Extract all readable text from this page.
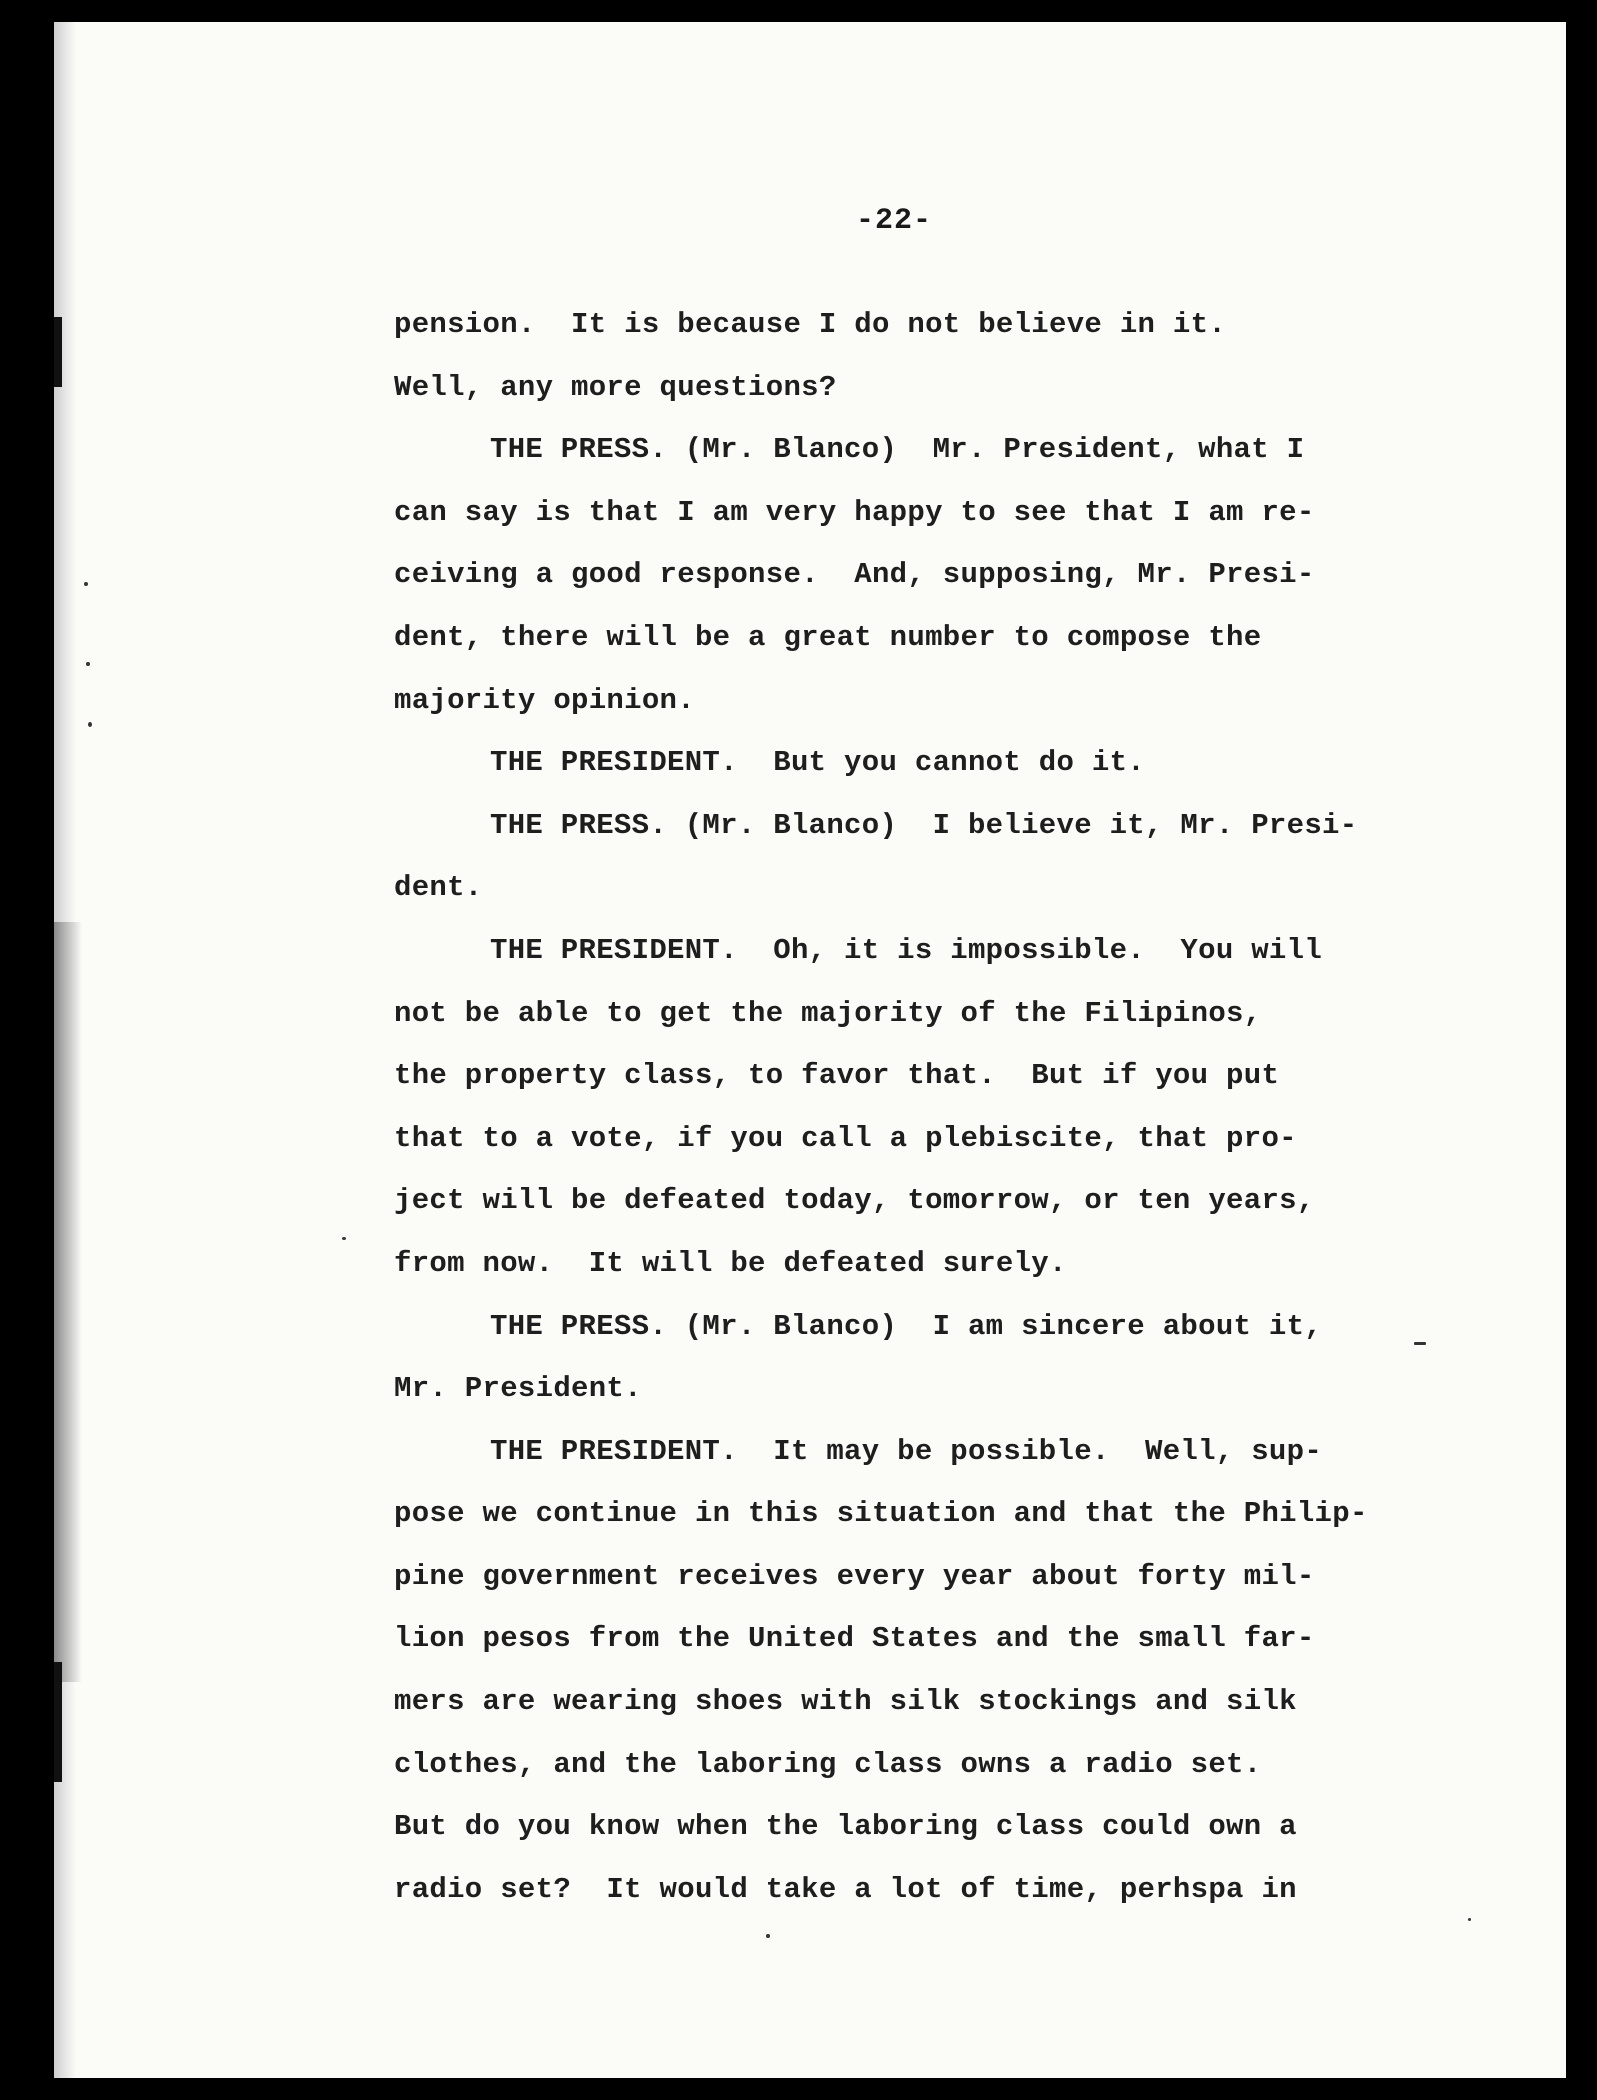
-22-
pension.  It is because I do not believe in it.
Well, any more questions?
THE PRESS. (Mr. Blanco)  Mr. President, what I
can say is that I am very happy to see that I am re-
ceiving a good response.  And, supposing, Mr. Presi-
dent, there will be a great number to compose the
majority opinion.
THE PRESIDENT.  But you cannot do it.
THE PRESS. (Mr. Blanco)  I believe it, Mr. Presi-
dent.
THE PRESIDENT.  Oh, it is impossible.  You will
not be able to get the majority of the Filipinos,
the property class, to favor that.  But if you put
that to a vote, if you call a plebiscite, that pro-
ject will be defeated today, tomorrow, or ten years,
from now.  It will be defeated surely.
THE PRESS. (Mr. Blanco)  I am sincere about it,
Mr. President.
THE PRESIDENT.  It may be possible.  Well, sup-
pose we continue in this situation and that the Philip-
pine government receives every year about forty mil-
lion pesos from the United States and the small far-
mers are wearing shoes with silk stockings and silk
clothes, and the laboring class owns a radio set.
But do you know when the laboring class could own a
radio set?  It would take a lot of time, perhspa in
